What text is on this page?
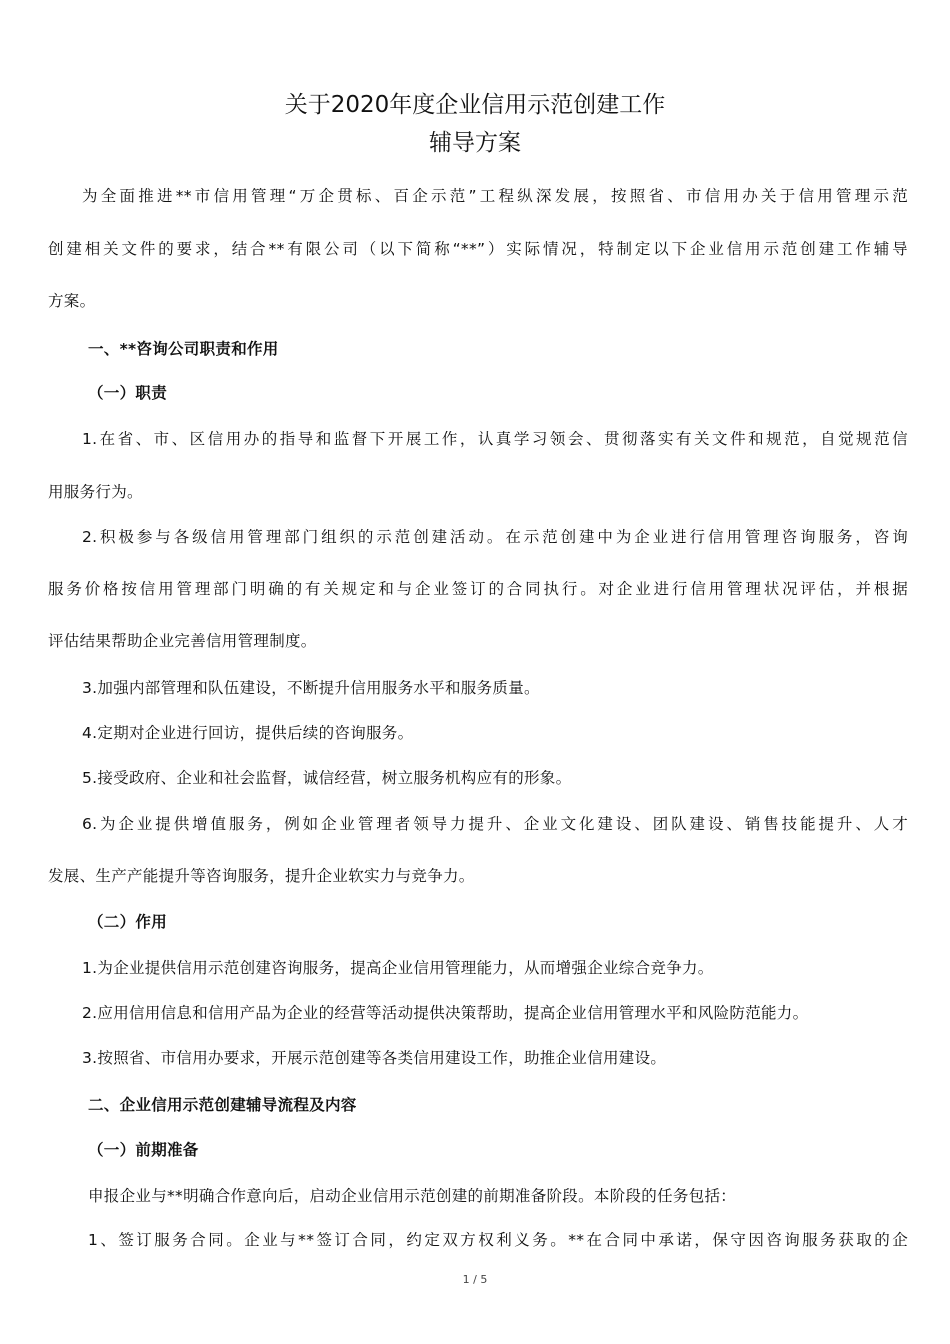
关于2020年度企业信用示范创建工作
辅导方案
为全面推进**市信用管理“万企贯标、百企示范”工程纵深发展，按照省、市信用办关于信用管理示范
创建相关文件的要求，结合**有限公司（以下简称“**”）实际情况，特制定以下企业信用示范创建工作辅导
方案。
一、**咨询公司职责和作用
（一）职责
1.在省、市、区信用办的指导和监督下开展工作，认真学习领会、贯彻落实有关文件和规范，自觉规范信
用服务行为。
2.积极参与各级信用管理部门组织的示范创建活动。在示范创建中为企业进行信用管理咨询服务，咨询
服务价格按信用管理部门明确的有关规定和与企业签订的合同执行。对企业进行信用管理状况评估，并根据
评估结果帮助企业完善信用管理制度。
3.加强内部管理和队伍建设，不断提升信用服务水平和服务质量。
4.定期对企业进行回访，提供后续的咨询服务。
5.接受政府、企业和社会监督，诚信经营，树立服务机构应有的形象。
6.为企业提供增值服务，例如企业管理者领导力提升、企业文化建设、团队建设、销售技能提升、人才
发展、生产产能提升等咨询服务，提升企业软实力与竞争力。
（二）作用
1.为企业提供信用示范创建咨询服务，提高企业信用管理能力，从而增强企业综合竞争力。
2.应用信用信息和信用产品为企业的经营等活动提供决策帮助，提高企业信用管理水平和风险防范能力。
3.按照省、市信用办要求，开展示范创建等各类信用建设工作，助推企业信用建设。
二、企业信用示范创建辅导流程及内容
（一）前期准备
申报企业与**明确合作意向后，启动企业信用示范创建的前期准备阶段。本阶段的任务包括：
1、签订服务合同。企业与**签订合同，约定双方权利义务。**在合同中承诺，保守因咨询服务获取的企
1 / 5
